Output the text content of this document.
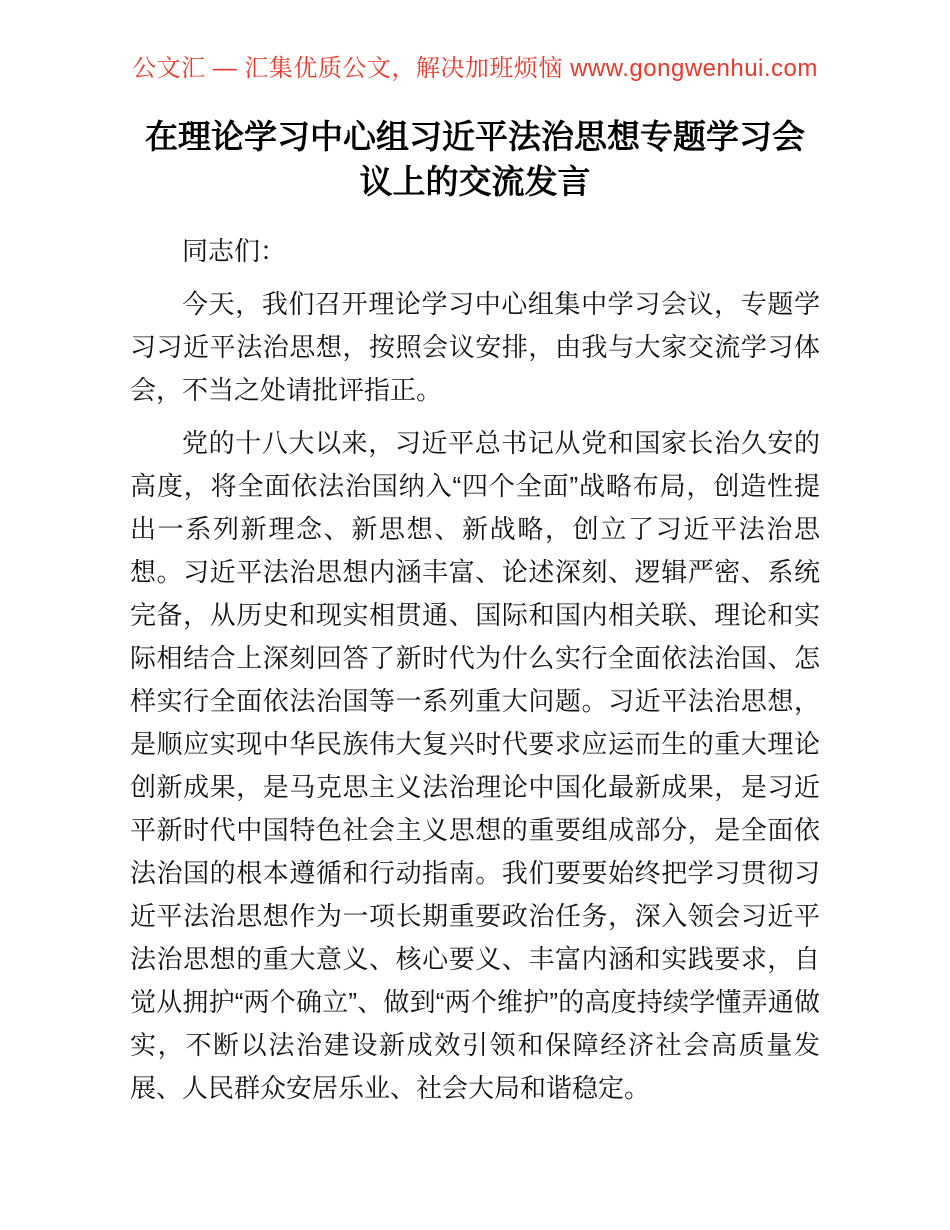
公文汇 — 汇集优质公文，解决加班烦恼 www.gongwenhui.com
在理论学习中心组习近平法治思想专题学习会议上的交流发言

同志们：

今天，我们召开理论学习中心组集中学习会议，专题学习习近平法治思想，按照会议安排，由我与大家交流学习体会，不当之处请批评指正。

党的十八大以来，习近平总书记从党和国家长治久安的高度，将全面依法治国纳入“四个全面”战略布局，创造性提出一系列新理念、新思想、新战略，创立了习近平法治思想。习近平法治思想内涵丰富、论述深刻、逻辑严密、系统完备，从历史和现实相贯通、国际和国内相关联、理论和实际相结合上深刻回答了新时代为什么实行全面依法治国、怎样实行全面依法治国等一系列重大问题。习近平法治思想，是顺应实现中华民族伟大复兴时代要求应运而生的重大理论创新成果，是马克思主义法治理论中国化最新成果，是习近平新时代中国特色社会主义思想的重要组成部分，是全面依法治国的根本遵循和行动指南。我们要要始终把学习贯彻习近平法治思想作为一项长期重要政治任务，深入领会习近平法治思想的重大意义、核心要义、丰富内涵和实践要求，自觉从拥护“两个确立”、做到“两个维护”的高度持续学懂弄通做实，不断以法治建设新成效引领和保障经济社会高质量发展、人民群众安居乐业、社会大局和谐稳定。
